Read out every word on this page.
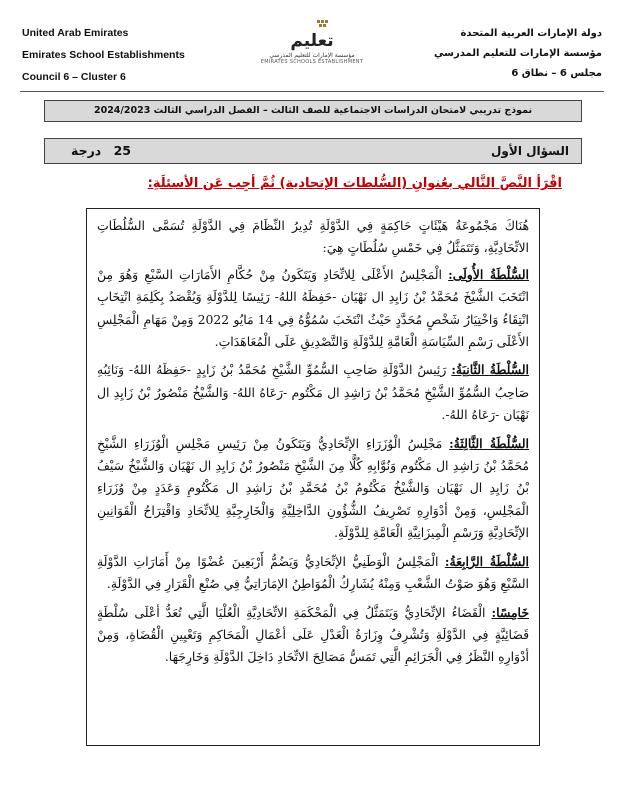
United Arab Emirates
Emirates School Establishments
Council 6 – Cluster 6
تعليم
مؤسسة الإمارات للتعليم المدرسي
EMIRATES SCHOOLS ESTABLISHMENT
دولة الإمارات العربية المتحدة
مؤسسة الإمارات للتعليم المدرسي
مجلس 6 – نطاق 6
نموذج تدريبي لامتحان الدراسات الاجتماعية للصف الثالث – الفصل الدراسي الثالث 2024/2023
السؤال الأول
25 درجة
اقْرَأ النَّصَّ التَّالي بعُنوانِ (السُّلطات الإتحادية) ثُمَّ أجِب عَن الأسئلَةِ:

هُنَاكَ مَجْمُوعَةُ هَيْئَاتٍ حَاكِمَةٍ فِي الدَّوْلَةِ تُدِيرُ النِّظَامَ فِي الدَّوْلَةِ تُسَمَّى السُّلُطَاتِ الاتِّحَادِيَّةِ، وَتَتَمَثَّلُ فِي خَمْسِ سُلُطَاتٍ هِيَ:

السُّلْطَةُ الأُولَى: الْمَجْلِسُ الأَعْلَى لِلاتِّحَادِ وَيَتَكَونُ مِنْ حُكَّامِ الأَمَارَاتِ السَّبْعِ وَهُوَ مِنْ انْتَخَبَ الشَّيْخَ مُحَمَّدُ بْنُ زَايِدِ ال نَهْيَان -حَفِظَهُ اللهُ- رَئِيسًا لِلدَّوْلَةِ وَيُقْصَدُ بِكَلِمَةِ انْتِخَابِ انْتِقَاءُ وَاخْتِيَارُ شَخْصٍ مُحَدَّدٍ حَيْثُ انْتَخَبَ سُمُوُّهُ فِي 14 مَايُو 2022 وَمِنْ مَهَامِ الْمَجْلِسِ الأَعْلَى رَسْمِ السِّيَاسَةِ الْعَامَّةِ لِلدَّوْلَةِ وَالتَّصْدِيقِ عَلَى الْمُعَاهَدَاتِ.

السُّلْطَةُ الثَّانِيَةُ: رَئِيسُ الدَّوْلَةِ صَاحِبِ السُّمُوِّ الشَّيْخِ مُحَمَّدُ بْنُ زَايِدٍ -حَفِظَهُ اللهُ- وَنَائِبُهِ صَاحِبُ السُّمُوِّ الشَّيْخِ مُحَمَّدُ بْنُ رَاشِدِ ال مَكْتُوم -رَعَاهُ اللهُ- وَالشَّيْخُ مَنْصُورُ بْنُ زَايِدِ ال نَهْيَان -رَعَاهُ اللهُ-.

السُّلْطَةُ الثَّالِثَةُ: مَجْلِسُ الْوُزَرَاءِ الإتِّحَادِيُّ وَيَتَكَونُ مِنْ رَئِيسِ مَجْلِسِ الْوُزَرَاءِ الشَّيْخِ مُحَمَّدُ بْنُ رَاشِدِ ال مَكْتُوم وَنُوَّابِهِ كُلًّا مِنَ الشَّيْخِ مَنْصُورُ بْنُ زَايِدِ ال نَهْيَان وَالشَّيْخُ سَيْفُ بْنُ زَايِدِ ال نَهْيَان وَالشَّيْخُ مَكْتُومُ بْنُ مُحَمَّدِ بْنُ رَاشِدِ ال مَكْتُومِ وَعَدَدٍ مِنْ وُزَرَاءِ الْمَجْلِسِ، وَمِنْ أدْوَارِهِ تَصْرِيفُ الشُّؤُونِ الدَّاخِلِيَّةِ وَالْخَارِجِيَّةِ لِلاتِّحَادِ وَاقْتِرَاحُ الْقَوَانِينِ الإتِّحَادِيَّةِ وَرَسْمِ الْمِيزَانِيَّةِ الْعَامَّةِ لِلدَّوْلَةِ.

السُّلْطَةُ الرَّابِعَةُ: الْمَجْلِسُ الْوَطَنِيُّ الإتِّحَادِيُّ وَيَضُمُّ أَرْبَعِينَ عُضْوًا مِنْ أَمَارَاتِ الدَّوْلَةِ السَّبْعِ وَهُوَ صَوْتُ الشَّعْبِ وَمِنْهُ يُشَارِكُ الْمُوَاطِنُ الإمَارَاتِيُّ فِي صُنْعِ الْقَرَارِ فِي الدَّوْلَةِ.

خَامِسًا: الْقَضَاءُ الإتِّحَادِيُّ وَيَتَمَثَّلُ فِي الْمَحْكَمَةِ الاتِّحَادِيَّةِ الْعُلْيَا الَّتِي تُعَدُّ أعْلَى سُلْطَةٍ قَضَائِيَّةٍ فِي الدَّوْلَةِ وَتُشْرِفُ وِزَارَةُ الْعَدْلِ عَلَى أعْمَالِ الْمَحَاكِمِ وَتَعْيِينِ الْقُضَاةِ، وَمِنْ أدْوَارِهِ النَّظَرُ فِي الْجَرَائِمِ الَّتِي تَمَسُّ مَصَالِحَ الاتِّحَادِ دَاخِلَ الدَّوْلَةِ وَخَارِجَهَا.
